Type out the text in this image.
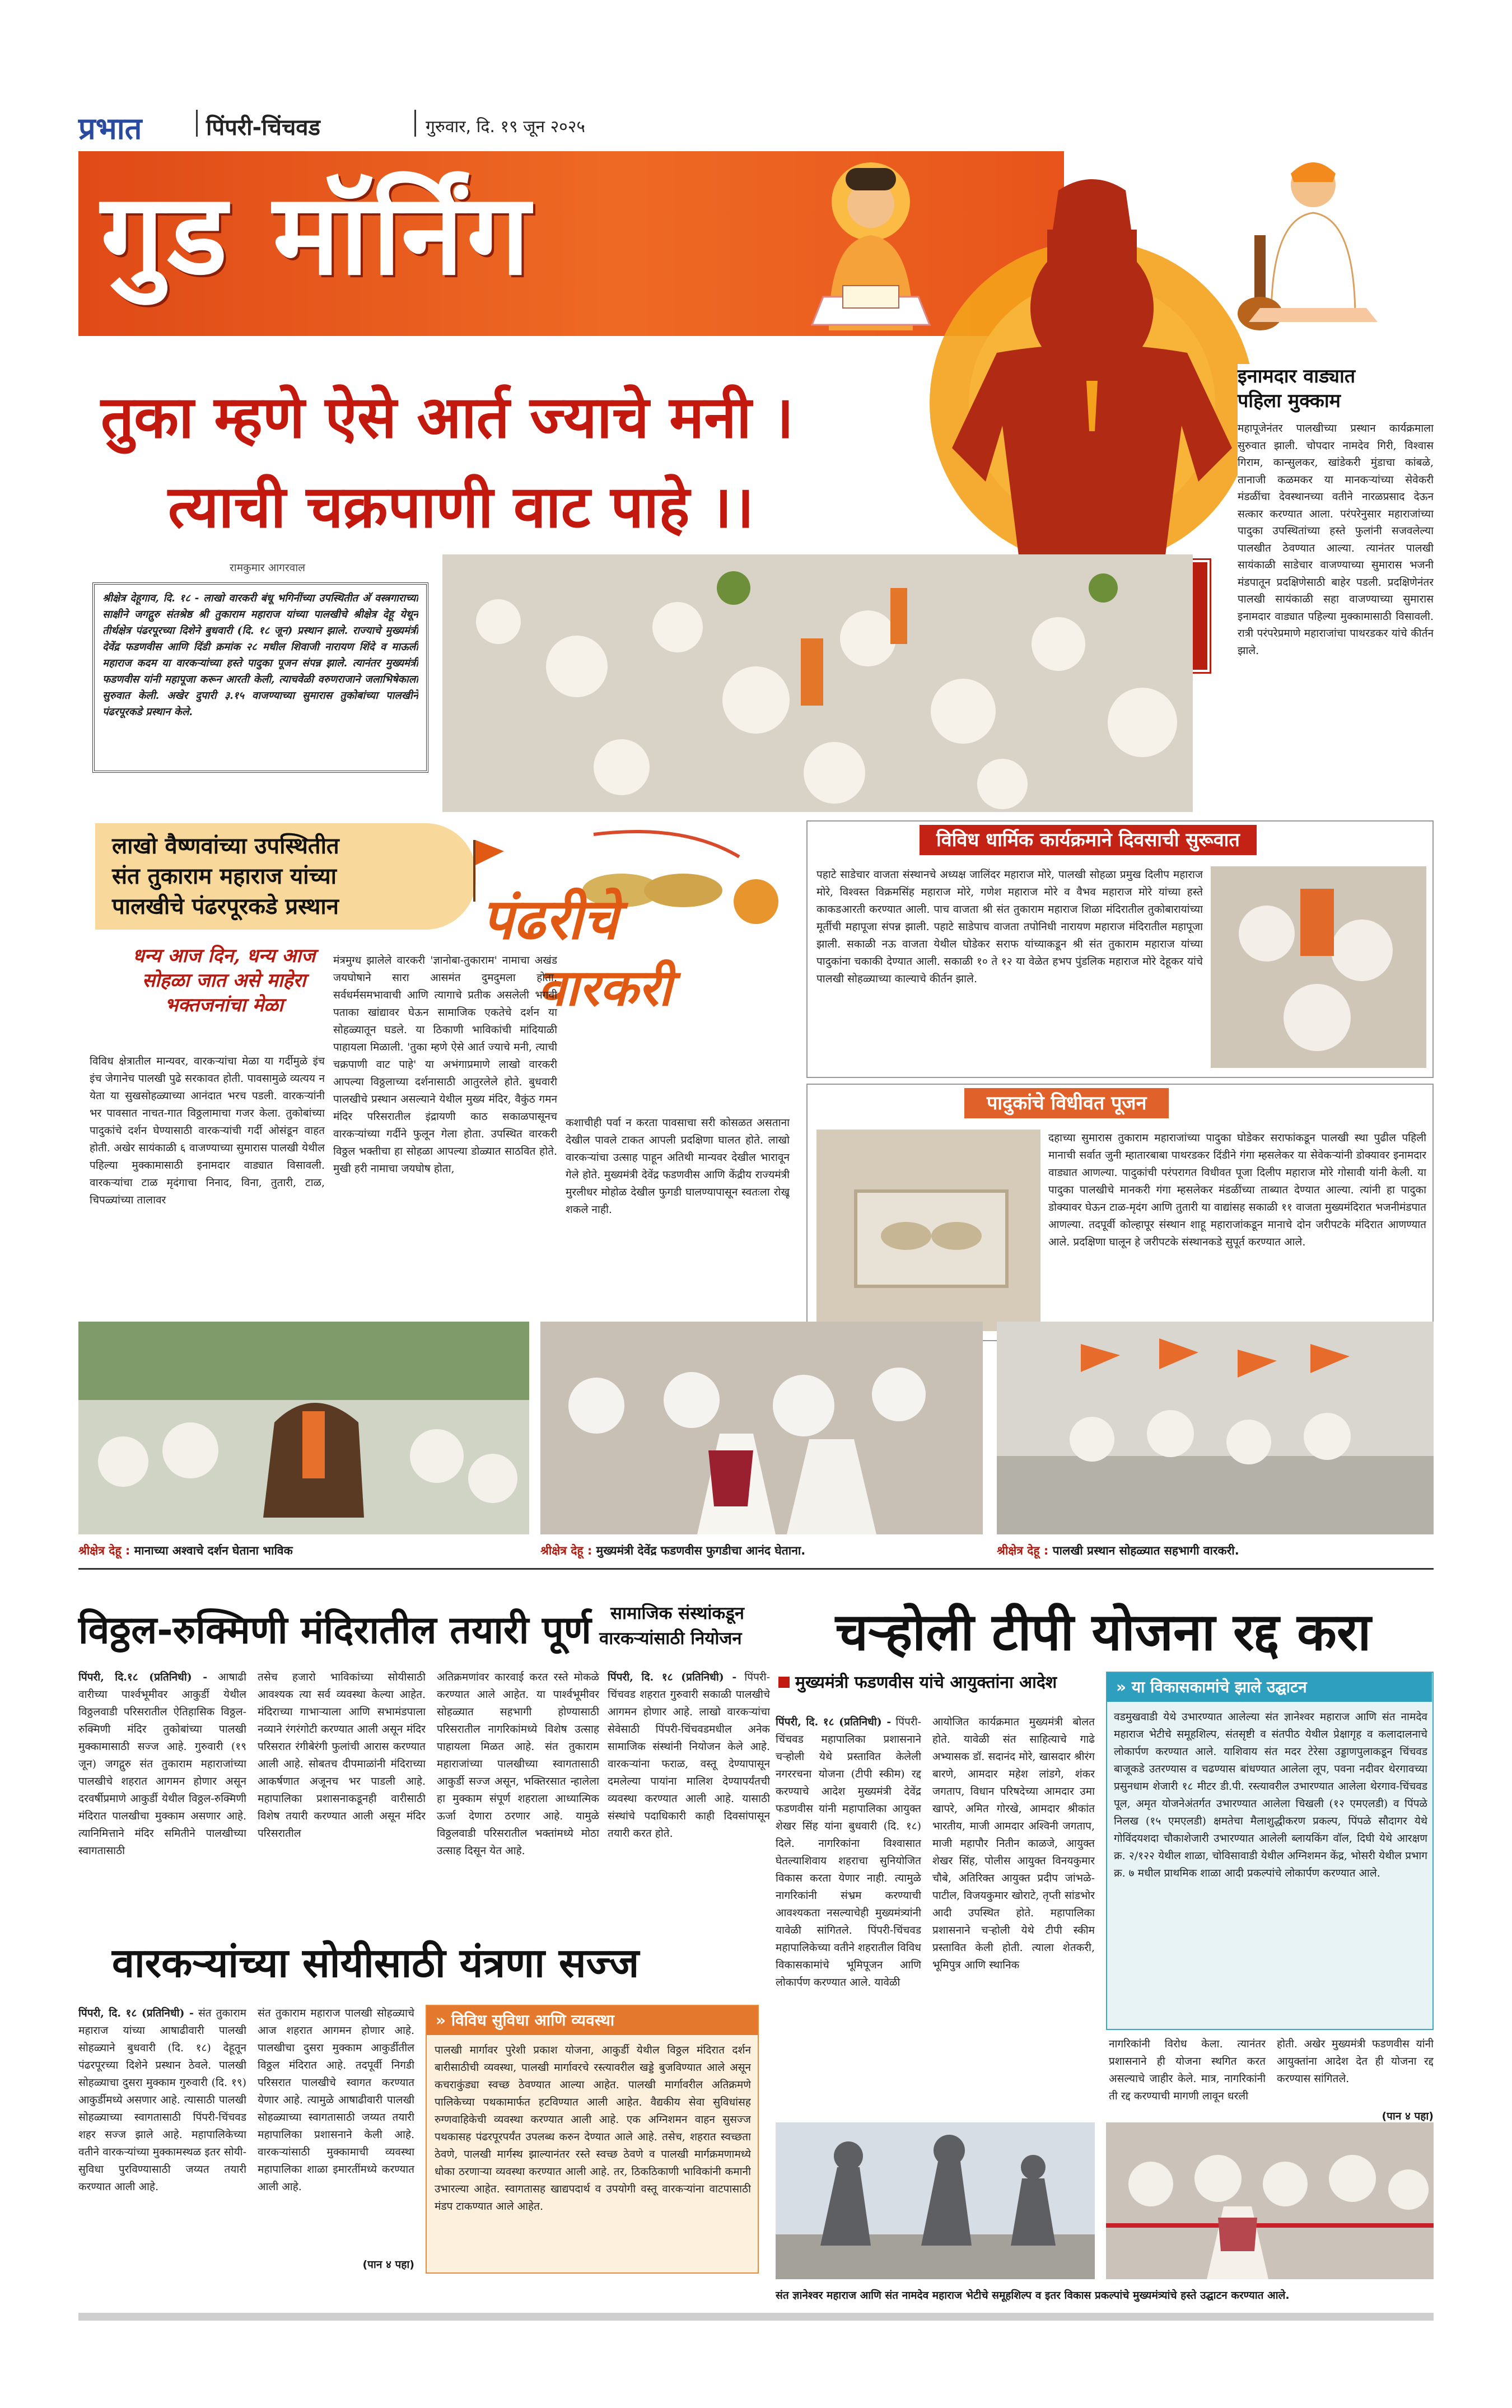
प्रभात	पिंपरी-चिंचवड	गुरुवार, दि. १९ जून २०२५
गुड मॉर्निंग
तुका म्हणे ऐसे आर्त ज्याचे मनी ।
त्याची चक्रपाणी वाट पाहे ।।
इनामदार वाड्यात
पहिला मुक्काम
महापूजेनंतर पालखीच्या प्रस्थान कार्यक्रमाला सुरुवात झाली. चोपदार नामदेव गिरी, विश्वास गिराम, कान्सुलकर, खांडेकरी मुंडाचा कांबळे, तानाजी कळमकर या मानकऱ्यांच्या सेवेकरी मंडळींचा देवस्थानच्या वतीने नारळप्रसाद देऊन सत्कार करण्यात आला. परंपरेनुसार महाराजांच्या पादुका उपस्थितांच्या हस्ते फुलांनी सजवलेल्या पालखीत ठेवण्यात आल्या. त्यानंतर पालखी सायंकाळी साडेचार वाजण्याच्या सुमारास भजनी मंडपातून प्रदक्षिणेसाठी बाहेर पडली. प्रदक्षिणेनंतर पालखी सायंकाळी सहा वाजण्याच्या सुमारास इनामदार वाड्यात पहिल्या मुक्कामासाठी विसावली. रात्री परंपरेप्रमाणे महाराजांचा पाथरडकर यांचे कीर्तन झाले.
रामकुमार आगरवाल
श्रीक्षेत्र देहूगाव, दि. १८ - लाखो वारकरी बंधू भगिनींच्या उपस्थितीत अ‍ॅ वस्त्रगाराच्या साक्षीने जगद्गुरु संतश्रेष्ठ श्री तुकाराम महाराज यांच्या पालखीचे श्रीक्षेत्र देहू येथून तीर्थक्षेत्र पंढरपूरच्या दिशेने बुधवारी (दि. १८ जून) प्रस्थान झाले. राज्याचे मुख्यमंत्री देवेंद्र फडणवीस आणि दिंडी क्रमांक २८ मधील शिवाजी नारायण शिंदे व माऊली महाराज कदम या वारकऱ्यांच्या हस्ते पादुका पूजन संपन्न झाले. त्यानंतर मुख्यमंत्री फडणवीस यांनी महापूजा करून आरती केली, त्याचवेळी वरुणराजाने जलाभिषेकाला सुरुवात केली. अखेर दुपारी ३.१५ वाजण्याच्या सुमारास तुकोबांच्या पालखीने पंढरपूरकडे प्रस्थान केले.
लाखो वैष्णवांच्या उपस्थितीत
संत तुकाराम महाराज यांच्या
पालखीचे पंढरपूरकडे प्रस्थान	पंढरीचे
वारकरी
धन्य आज दिन, धन्य आज सोहळा जात असे माहेरा भक्तजनांचा मेळा
विविध क्षेत्रातील मान्यवर, वारकऱ्यांचा मेळा या गर्दीमुळे इंच इंच जेगानेच पालखी पुढे सरकावत होती. पावसामुळे व्यत्यय न येता या सुखसोहळ्याच्या आनंदात भरच पडली. वारकऱ्यांनी भर पावसात नाचत-गात विठ्ठलामाचा गजर केला. तुकोबांच्या पादुकांचे दर्शन घेण्यासाठी वारकऱ्यांची गर्दी ओसंडून वाहत होती. अखेर सायंकाळी ६ वाजण्याच्या सुमारास पालखी येथील पहिल्या मुक्कामासाठी इनामदार वाड्यात विसावली. वारकऱ्यांचा टाळ मृदंगाचा निनाद, विना, तुतारी, टाळ, चिपळ्यांच्या तालावर
मंत्रमुग्ध झालेले वारकरी 'ज्ञानोबा-तुकाराम' नामाचा अखंड जयघोषाने सारा आसमंत दुमदुमला होता. सर्वधर्मसमभावाची आणि त्यागाचे प्रतीक असलेली भगवी पताका खांद्यावर घेऊन सामाजिक एकतेचे दर्शन या सोहळ्यातून घडले. या ठिकाणी भाविकांची मांदियाळी पाहायला मिळाली. 'तुका म्हणे ऐसे आर्त ज्याचे मनी, त्याची चक्रपाणी वाट पाहे' या अभंगाप्रमाणे लाखो वारकरी आपल्या विठ्ठलाच्या दर्शनासाठी आतुरलेले होते. बुधवारी पालखीचे प्रस्थान असल्याने येथील मुख्य मंदिर, वैकुंठ गमन मंदिर परिसरातील इंद्रायणी काठ सकाळपासूनच वारकऱ्यांच्या गर्दीने फुलून गेला होता. उपस्थित वारकरी विठ्ठल भक्तीचा हा सोहळा आपल्या डोळ्यात साठवित होते. मुखी हरी नामाचा जयघोष होता,
कशाचीही पर्वा न करता पावसाचा सरी कोसळत असताना देखील पावले टाकत आपली प्रदक्षिणा घालत होते. लाखो वारकऱ्यांचा उत्साह पाहून अतिथी मान्यवर देखील भारावून गेले होते. मुख्यमंत्री देवेंद्र फडणवीस आणि केंद्रीय राज्यमंत्री मुरलीधर मोहोळ देखील फुगडी घालण्यापासून स्वतःला रोखू शकले नाही.
विविध धार्मिक कार्यक्रमाने दिवसाची सुरूवात
पहाटे साडेचार वाजता संस्थानचे अध्यक्ष जालिंदर महाराज मोरे, पालखी सोहळा प्रमुख दिलीप महाराज मोरे, विश्वस्त विक्रमसिंह महाराज मोरे, गणेश महाराज मोरे व वैभव महाराज मोरे यांच्या हस्ते काकडआरती करण्यात आली. पाच वाजता श्री संत तुकाराम महाराज शिळा मंदिरातील तुकोबारायांच्या मूर्तीची महापूजा संपन्न झाली. पहाटे साडेपाच वाजता तपोनिधी नारायण महाराज मंदिरातील महापूजा झाली. सकाळी नऊ वाजता येथील घोडेकर सराफ यांच्याकडून श्री संत तुकाराम महाराज यांच्या पादुकांना चकाकी देण्यात आली. सकाळी १० ते १२ या वेळेत हभप पुंडलिक महाराज मोरे देहूकर यांचे पालखी सोहळ्याच्या काल्याचे कीर्तन झाले.
पादुकांचे विधीवत पूजन
दहाच्या सुमारास तुकाराम महाराजांच्या पादुका घोडेकर सराफांकडून पालखी स्था पुढील पहिली मानाची सर्वात जुनी म्हातारबाबा पाथरडकर दिंडीने गंगा म्हसलेकर या सेवेकऱ्यांनी डोक्यावर इनामदार वाड्यात आणल्या. पादुकांची परंपरागत विधीवत पूजा दिलीप महाराज मोरे गोसावी यांनी केली. या पादुका पालखीचे मानकरी गंगा म्हसलेकर मंडळींच्या ताब्यात देण्यात आल्या. त्यांनी हा पादुका डोक्यावर घेऊन टाळ-मृदंग आणि तुतारी या वाद्यांसह सकाळी ११ वाजता मुख्यमंदिरात भजनीमंडपात आणल्या. तदपूर्वी कोल्हापूर संस्थान शाहू महाराजांकडून मानाचे दोन जरीपटके मंदिरात आणण्यात आले. प्रदक्षिणा घालून हे जरीपटके संस्थानकडे सुपूर्त करण्यात आले.
श्रीक्षेत्र देहू : मानाच्या अश्वाचे दर्शन घेताना भाविक	श्रीक्षेत्र देहू : मुख्यमंत्री देवेंद्र फडणवीस फुगडीचा आनंद घेताना.	श्रीक्षेत्र देहू : पालखी प्रस्थान सोहळ्यात सहभागी वारकरी.
विठ्ठल-रुक्मिणी मंदिरातील तयारी पूर्ण
पिंपरी, दि.१८ (प्रतिनिधी) - आषाढी वारीच्या पार्श्वभूमीवर आकुर्डी येथील विठ्ठलवाडी परिसरातील ऐतिहासिक विठ्ठल-रुक्मिणी मंदिर तुकोबांच्या पालखी मुक्कामासाठी सज्ज आहे. गुरुवारी (१९ जून) जगद्गुरु संत तुकाराम महाराजांच्या पालखीचे शहरात आगमन होणार असून दरवर्षीप्रमाणे आकुर्डी येथील विठ्ठल-रुक्मिणी मंदिरात पालखीचा मुक्काम असणार आहे. त्यानिमित्ताने मंदिर समितीने पालखीच्या स्वागतासाठी
तसेच हजारो भाविकांच्या सोयीसाठी आवश्यक त्या सर्व व्यवस्था केल्या आहेत. मंदिराच्या गाभाऱ्याला आणि सभामंडपाला नव्याने रंगरंगोटी करण्यात आली असून मंदिर परिसरात रंगीबेरंगी फुलांची आरास करण्यात आली आहे. सोबतच दीपमाळांनी मंदिराच्या आकर्षणात अजूनच भर पाडली आहे. महापालिका प्रशासनाकडूनही वारीसाठी विशेष तयारी करण्यात आली असून मंदिर परिसरातील
अतिक्रमणांवर कारवाई करत रस्ते मोकळे करण्यात आले आहेत. या पार्श्वभूमीवर सोहळ्यात सहभागी होण्यासाठी परिसरातील नागरिकांमध्ये विशेष उत्साह पाहायला मिळत आहे. संत तुकाराम महाराजांच्या पालखीच्या स्वागतासाठी आकुर्डी सज्ज असून, भक्तिरसात न्हालेला हा मुक्काम संपूर्ण शहराला आध्यात्मिक ऊर्जा देणारा ठरणार आहे. यामुळे विठ्ठलवाडी परिसरातील भक्तांमध्ये मोठा उत्साह दिसून येत आहे.
सामाजिक संस्थांकडून
वारकऱ्यांसाठी नियोजन
पिंपरी, दि. १८ (प्रतिनिधी) - पिंपरी-चिंचवड शहरात गुरुवारी सकाळी पालखीचे आगमन होणार आहे. लाखो वारकऱ्यांचा सेवेसाठी पिंपरी-चिंचवडमधील अनेक सामाजिक संस्थांनी नियोजन केले आहे. वारकऱ्यांना फराळ, वस्तू देण्यापासून दमलेल्या पायांना मालिश देण्यापर्यंतची व्यवस्था करण्यात आली आहे. यासाठी संस्थांचे पदाधिकारी काही दिवसांपासून तयारी करत होते.
चऱ्होली टीपी योजना रद्द करा
मुख्यमंत्री फडणवीस यांचे आयुक्तांना आदेश
पिंपरी, दि. १८ (प्रतिनिधी) - पिंपरी-चिंचवड महापालिका प्रशासनाने चऱ्होली येथे प्रस्तावित केलेली नगररचना योजना (टीपी स्कीम) रद्द करण्याचे आदेश मुख्यमंत्री देवेंद्र फडणवीस यांनी महापालिका आयुक्त शेखर सिंह यांना बुधवारी (दि. १८) दिले. नागरिकांना विश्वासात घेतल्याशिवाय शहराचा सुनियोजित विकास करता येणार नाही. त्यामुळे नागरिकांनी संभ्रम करण्याची आवश्यकता नसल्याचेही मुख्यमंत्र्यांनी यावेळी सांगितले. पिंपरी-चिंचवड महापालिकेच्या वतीने शहरातील विविध विकासकामांचे भूमिपूजन आणि लोकार्पण करण्यात आले. यावेळी
आयोजित कार्यक्रमात मुख्यमंत्री बोलत होते. यावेळी संत साहित्याचे गाढे अभ्यासक डॉ. सदानंद मोरे, खासदार श्रीरंग बारणे, आमदार महेश लांडगे, शंकर जगताप, विधान परिषदेच्या आमदार उमा खापरे, अमित गोरखे, आमदार श्रीकांत भारतीय, माजी आमदार अश्विनी जगताप, माजी महापौर नितीन काळजे, आयुक्त शेखर सिंह, पोलीस आयुक्त विनयकुमार चौबे, अतिरिक्त आयुक्त प्रदीप जांभळे-पाटील, विजयकुमार खोराटे, तृप्ती सांडभोर आदी उपस्थित होते. महापालिका प्रशासनाने चऱ्होली येथे टीपी स्कीम प्रस्तावित केली होती. त्याला शेतकरी, भूमिपुत्र आणि स्थानिक
» या विकासकामांचे झाले उद्घाटन
वडमुखवाडी येथे उभारण्यात आलेल्या संत ज्ञानेश्वर महाराज आणि संत नामदेव महाराज भेटीचे समूहशिल्प, संतसृष्टी व संतपीठ येथील प्रेक्षागृह व कलादालनाचे लोकार्पण करण्यात आले. याशिवाय संत मदर टेरेसा उड्डाणपुलाकडून चिंचवड बाजूकडे उतरण्यास व चढण्यास बांधण्यात आलेला लूप, पवना नदीवर थेरगावच्या प्रसुनधाम शेजारी १८ मीटर डी.पी. रस्त्यावरील उभारण्यात आलेला थेरगाव-चिंचवड पूल, अमृत योजनेअंतर्गत उभारण्यात आलेला चिखली (१२ एमएलडी) व पिंपळे निलख (१५ एमएलडी) क्षमतेचा मैलाशुद्धीकरण प्रकल्प, पिंपळे सौदागर येथे गोविंदयशदा चौकाशेजारी उभारण्यात आलेली ब्लायकिंग वॉल, दिघी येथे आरक्षण क्र. २/१२२ येथील शाळा, चोविसावाडी येथील अग्निशमन केंद्र, भोसरी येथील प्रभाग क्र. ७ मधील प्राथमिक शाळा आदी प्रकल्पांचे लोकार्पण करण्यात आले.
नागरिकांनी विरोध केला. त्यानंतर प्रशासनाने ही योजना स्थगित करत असल्याचे जाहीर केले. मात्र, नागरिकांनी ती रद्द करण्याची मागणी लावून धरली
होती. अखेर मुख्यमंत्री फडणवीस यांनी आयुक्तांना आदेश देत ही योजना रद्द करण्यास सांगितले.
(पान ४ पहा)
वारकऱ्यांच्या सोयीसाठी यंत्रणा सज्ज
पिंपरी, दि. १८ (प्रतिनिधी) - संत तुकाराम महाराज यांच्या आषाढीवारी पालखी सोहळ्याने बुधवारी (दि. १८) देहूतून पंढरपूरच्या दिशेने प्रस्थान ठेवले. पालखी सोहळ्याचा दुसरा मुक्काम गुरुवारी (दि. १९) आकुर्डीमध्ये असणार आहे. त्यासाठी पालखी सोहळ्याच्या स्वागतासाठी पिंपरी-चिंचवड शहर सज्ज झाले आहे. महापालिकेच्या वतीने वारकऱ्यांच्या मुक्कामस्थळ इतर सोयी-सुविधा पुरविण्यासाठी जय्यत तयारी करण्यात आली आहे.
संत तुकाराम महाराज पालखी सोहळ्याचे आज शहरात आगमन होणार आहे. पालखीचा दुसरा मुक्काम आकुर्डीतील विठ्ठल मंदिरात आहे. तदपूर्वी निगडी परिसरात पालखीचे स्वागत करण्यात येणार आहे. त्यामुळे आषाढीवारी पालखी सोहळ्याच्या स्वागतासाठी जय्यत तयारी महापालिका प्रशासनाने केली आहे. वारकऱ्यांसाठी मुक्कामाची व्यवस्था महापालिका शाळा इमारतींमध्ये करण्यात आली आहे.
(पान ४ पहा)
» विविध सुविधा आणि व्यवस्था
पालखी मार्गावर पुरेशी प्रकाश योजना, आकुर्डी येथील विठ्ठल मंदिरात दर्शन बारीसाठीची व्यवस्था, पालखी मार्गावरचे रस्त्यावरील खड्डे बुजविण्यात आले असून कचराकुंड्या स्वच्छ ठेवण्यात आल्या आहेत. पालखी मार्गावरील अतिक्रमणे पालिकेच्या पथकामार्फत हटविण्यात आली आहेत. वैद्यकीय सेवा सुविधांसह रुग्णवाहिकेची व्यवस्था करण्यात आली आहे. एक अग्निशमन वाहन सुसज्ज पथकासह पंढरपूरपर्यंत उपलब्ध करुन देण्यात आले आहे. तसेच, शहरात स्वच्छता ठेवणे, पालखी मार्गस्थ झाल्यानंतर रस्ते स्वच्छ ठेवणे व पालखी मार्गक्रमणामध्ये धोका ठरणाऱ्या व्यवस्था करण्यात आली आहे. तर, ठिकठिकाणी भाविकांनी कमानी उभारल्या आहेत. स्वागतासह खाद्यपदार्थ व उपयोगी वस्तू वारकऱ्यांना वाटपासाठी मंडप टाकण्यात आले आहेत.
संत ज्ञानेश्वर महाराज आणि संत नामदेव महाराज भेटीचे समूहशिल्प व इतर विकास प्रकल्पांचे मुख्यमंत्र्यांचे हस्ते उद्घाटन करण्यात आले.
